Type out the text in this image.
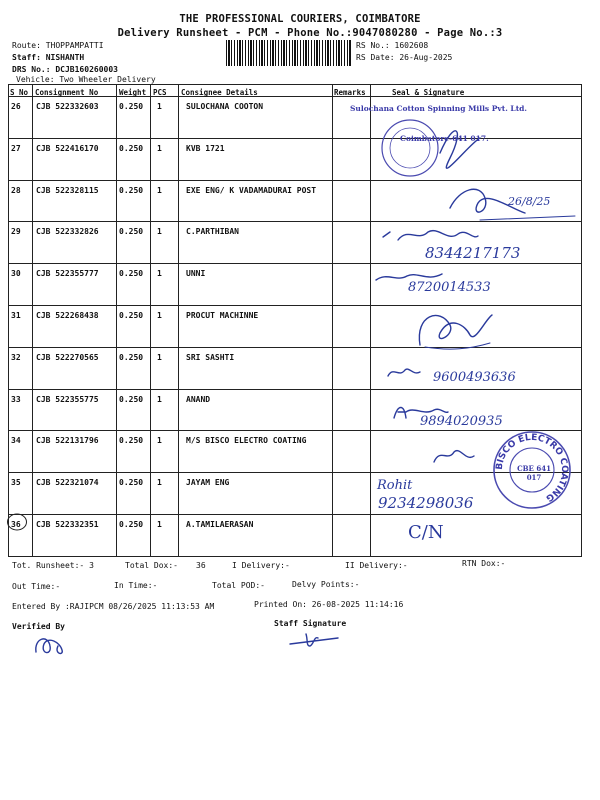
THE PROFESSIONAL COURIERS, COIMBATORE
Delivery Runsheet - PCM - Phone No.:9047080280 - Page No.:3
Route: THOPPAMPATTI
Staff: NISHANTH
DRS No.: DCJB160260003
Vehicle: Two Wheeler Delivery
RS No.: 1602608
RS Date: 26-Aug-2025
S No Consignment No	Weight PCS Consignee Details	Remarks	Seal & Signature
26 CJB 522332603	0.250 1	SULOCHANA COOTON
27 CJB 522416170	0.250 1	KVB 1721
28 CJB 522328115	0.250 1	EXE ENG/ K VADAMADURAI POST
29 CJB 522332826	0.250 1	C.PARTHIBAN
30 CJB 522355777	0.250 1	UNNI
31 CJB 522268438	0.250 1	PROCUT MACHINNE
32 CJB 522270565	0.250 1	SRI SASHTI
33 CJB 522355775	0.250 1	ANAND
34 CJB 522131796	0.250 1	M/S BISCO ELECTRO COATING
35 CJB 522321074	0.250 1	JAYAM ENG
36 CJB 522332351	0.250 1	A.TAMILAERASAN
Sulochana Cotton Spinning Mills Pvt. Ltd.
Coimbatore-641 017.
26/8/25
8344217173
8720014533
9600493636
9894020935
BISCO ELECTRO COATING
CBE 641 017
Rohit
9234298036
C/N
Tot. Runsheet:- 3	Total Dox:- 36	I Delivery:-	II Delivery:-	RTN Dox:-
Out Time:-	In Time:-	Total POD:-	Delvy Points:-
Entered By :RAJIPCM 08/26/2025 11:13:53 AM	Printed On: 26-08-2025 11:14:16
Verified By	Staff Signature
